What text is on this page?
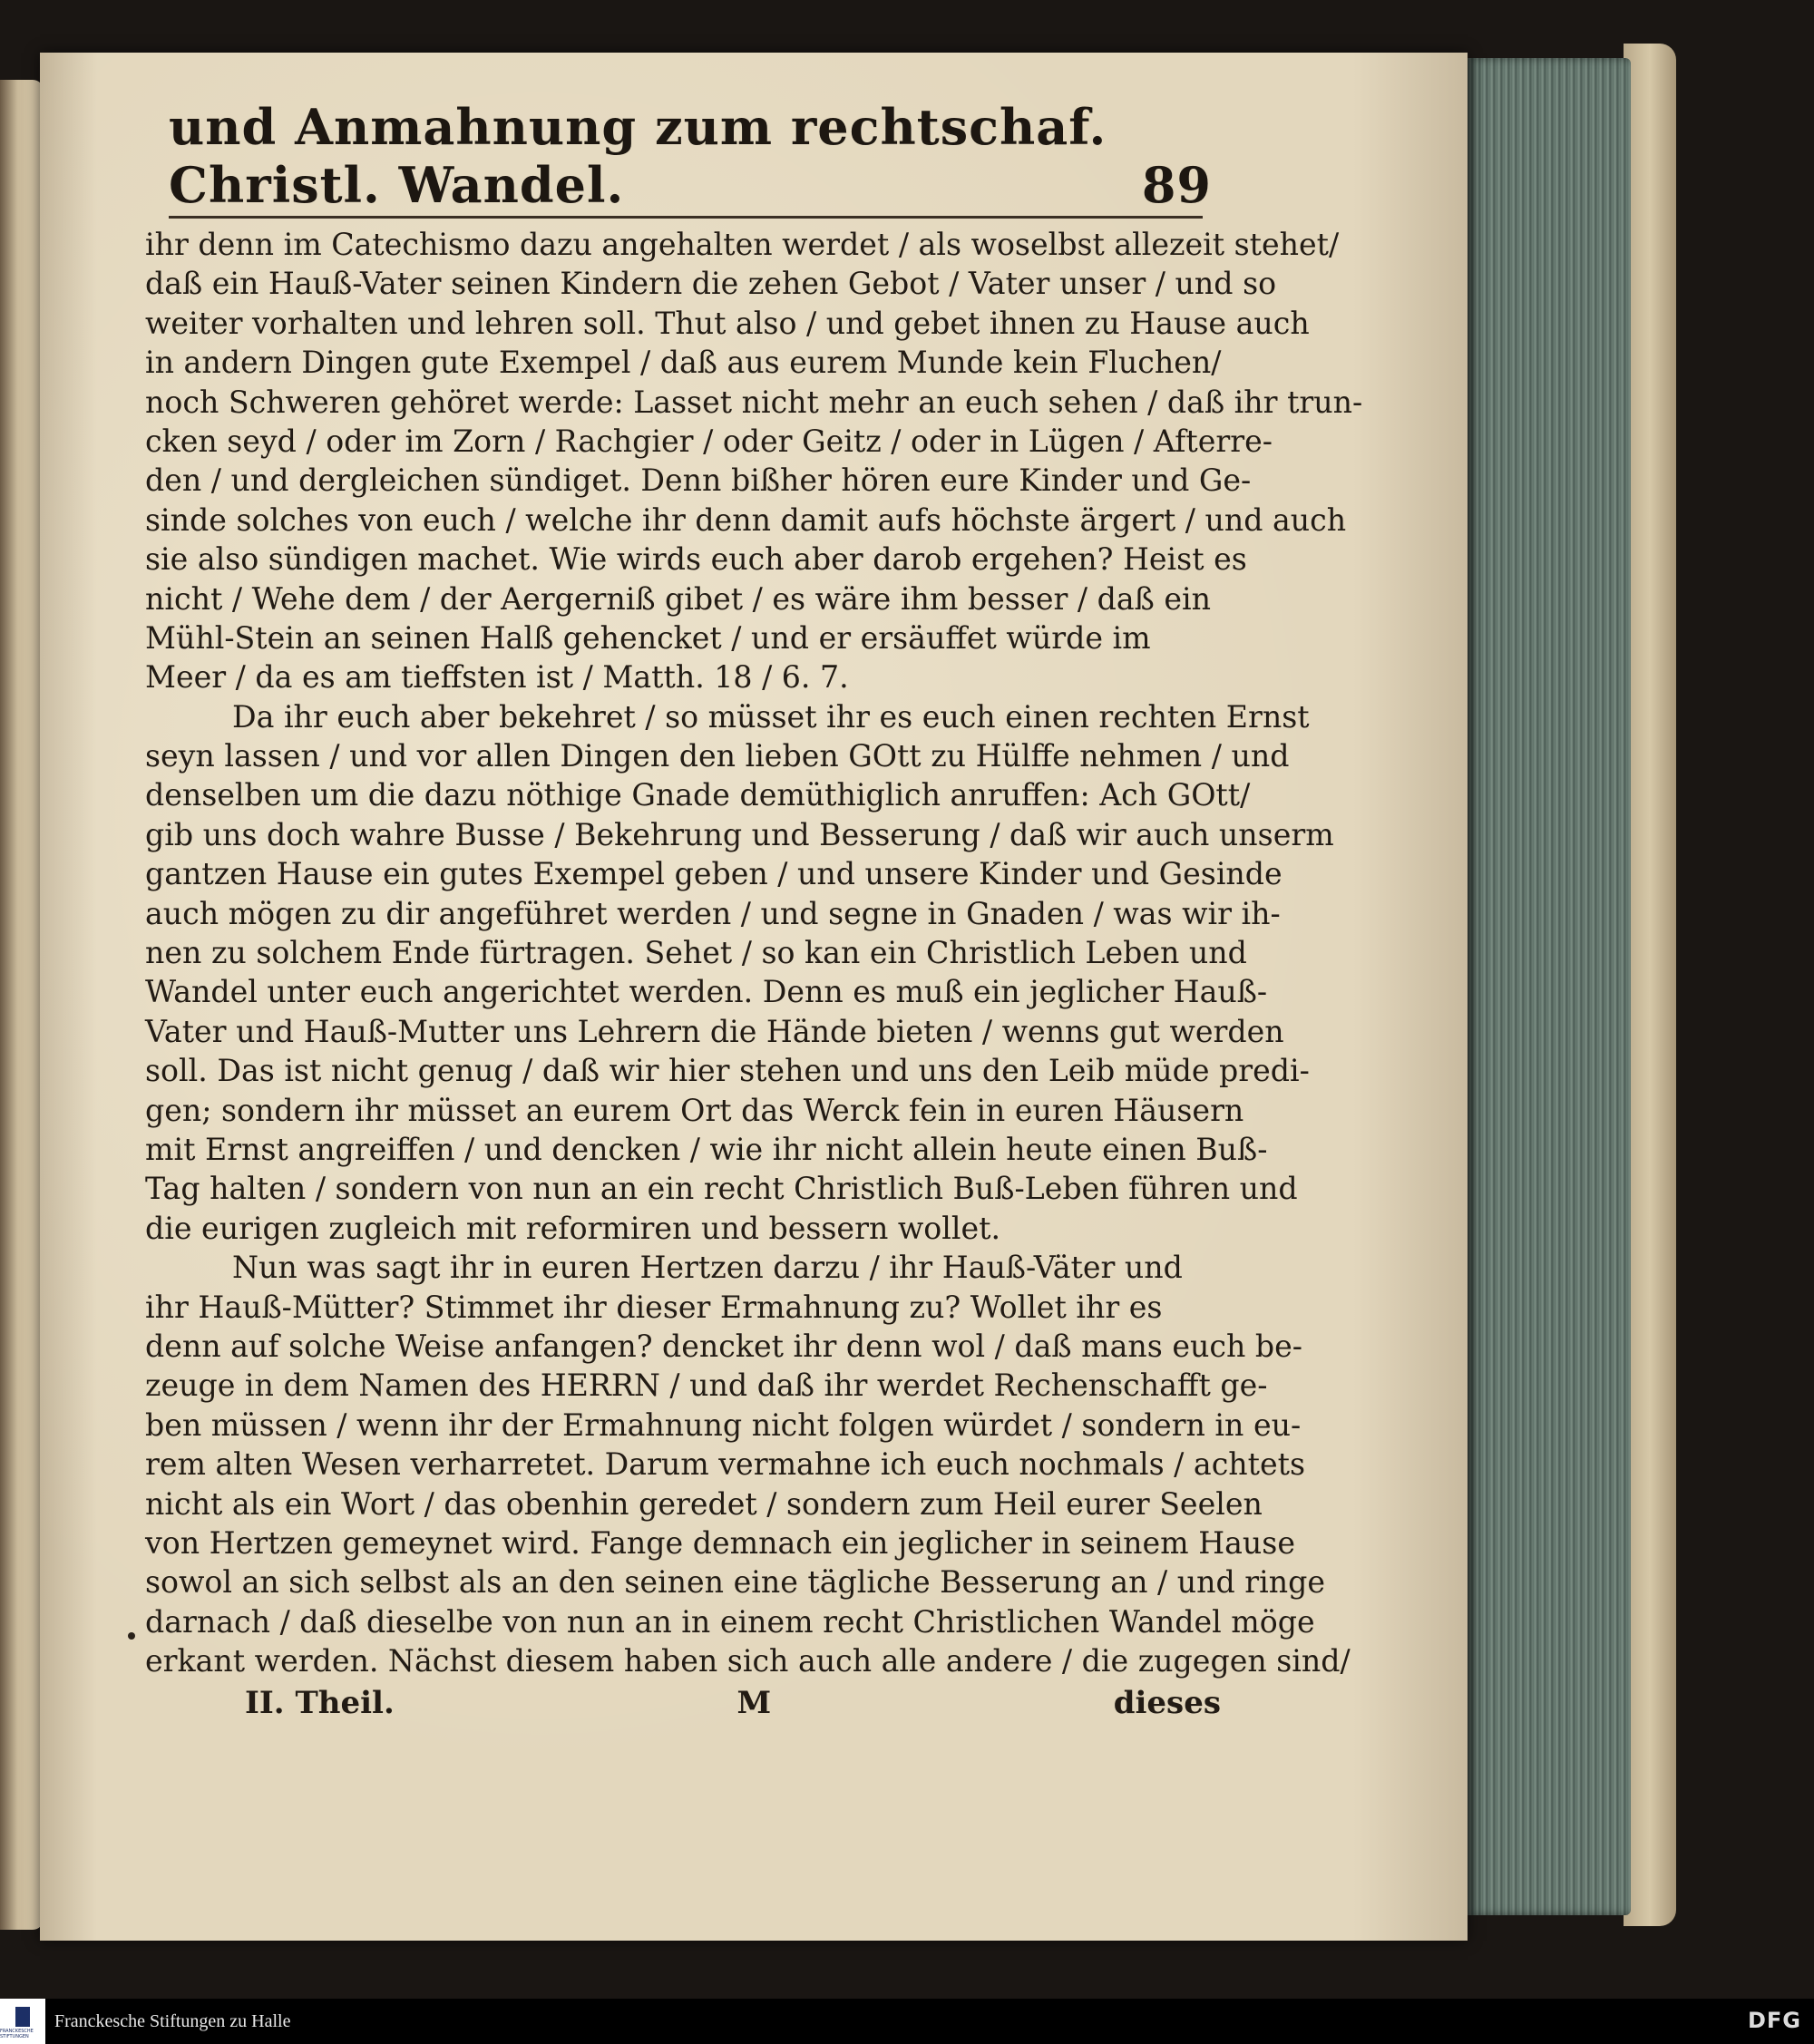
und Anmahnung zum rechtschaf. Christl. Wandel.	89
ihr denn im Catechismo dazu angehalten werdet / als woselbst allezeit stehet/
daß ein Hauß-Vater seinen Kindern die zehen Gebot / Vater unser / und so
weiter vorhalten und lehren soll. Thut also / und gebet ihnen zu Hause auch
in andern Dingen gute Exempel / daß aus eurem Munde kein Fluchen/
noch Schweren gehöret werde: Lasset nicht mehr an euch sehen / daß ihr trun-
cken seyd / oder im Zorn / Rachgier / oder Geitz / oder in Lügen / Afterre-
den / und dergleichen sündiget. Denn bißher hören eure Kinder und Ge-
sinde solches von euch / welche ihr denn damit aufs höchste ärgert / und auch
sie also sündigen machet. Wie wirds euch aber darob ergehen? Heist es
nicht / Wehe dem / der Aergerniß gibet / es wäre ihm besser / daß ein
Mühl-Stein an seinen Halß gehencket / und er ersäuffet würde im
Meer / da es am tieffsten ist / Matth. 18 / 6. 7.
Da ihr euch aber bekehret / so müsset ihr es euch einen rechten Ernst
seyn lassen / und vor allen Dingen den lieben GOtt zu Hülffe nehmen / und
denselben um die dazu nöthige Gnade demüthiglich anruffen: Ach GOtt/
gib uns doch wahre Busse / Bekehrung und Besserung / daß wir auch unserm
gantzen Hause ein gutes Exempel geben / und unsere Kinder und Gesinde
auch mögen zu dir angeführet werden / und segne in Gnaden / was wir ih-
nen zu solchem Ende fürtragen. Sehet / so kan ein Christlich Leben und
Wandel unter euch angerichtet werden. Denn es muß ein jeglicher Hauß-
Vater und Hauß-Mutter uns Lehrern die Hände bieten / wenns gut werden
soll. Das ist nicht genug / daß wir hier stehen und uns den Leib müde predi-
gen; sondern ihr müsset an eurem Ort das Werck fein in euren Häusern
mit Ernst angreiffen / und dencken / wie ihr nicht allein heute einen Buß-
Tag halten / sondern von nun an ein recht Christlich Buß-Leben führen und
die eurigen zugleich mit reformiren und bessern wollet.
Nun was sagt ihr in euren Hertzen darzu / ihr Hauß-Väter und
ihr Hauß-Mütter? Stimmet ihr dieser Ermahnung zu? Wollet ihr es
denn auf solche Weise anfangen? dencket ihr denn wol / daß mans euch be-
zeuge in dem Namen des HERRN / und daß ihr werdet Rechenschafft ge-
ben müssen / wenn ihr der Ermahnung nicht folgen würdet / sondern in eu-
rem alten Wesen verharretet. Darum vermahne ich euch nochmals / achtets
nicht als ein Wort / das obenhin geredet / sondern zum Heil eurer Seelen
von Hertzen gemeynet wird. Fange demnach ein jeglicher in seinem Hause
sowol an sich selbst als an den seinen eine tägliche Besserung an / und ringe
darnach / daß dieselbe von nun an in einem recht Christlichen Wandel möge
erkant werden. Nächst diesem haben sich auch alle andere / die zugegen sind/
II. Theil.	M	dieses
FRANCKESCHE STIFTUNGEN
Franckesche Stiftungen zu Halle	DFG
